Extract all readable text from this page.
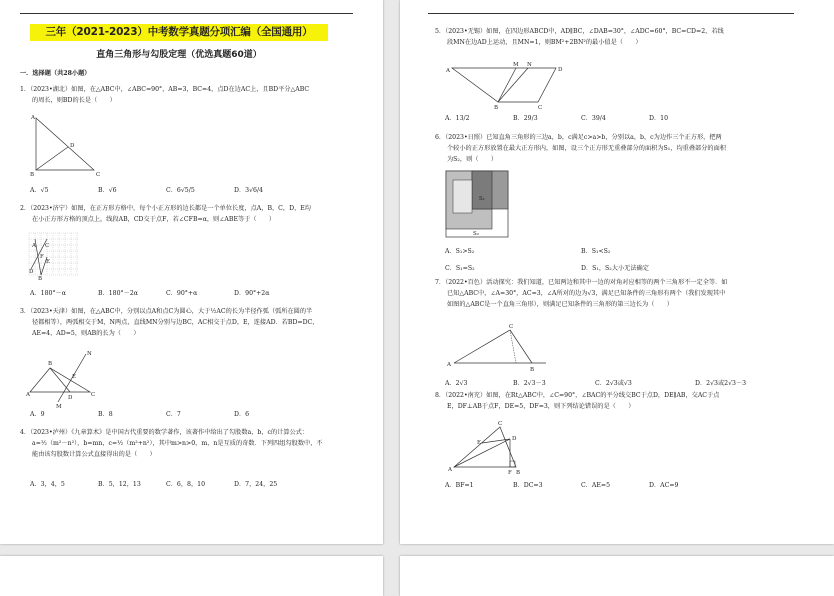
三年（2021-2023）中考数学真题分项汇编（全国通用）
直角三角形与勾股定理（优选真题60道）
一．选择题（共28小题）
1．（2023•湖北）如图，在△ABC中，∠ABC=90°，AB=3，BC=4，点D在边AC上，且BD平分△ABC
的周长，则BD的长是（　　）
A
B	C
D
A．√5	B．√6	C．6√5/5	D．3√6/4
2．（2023•济宁）如图，在正方形方格中，每个小正方形的边长都是一个单位长度，点A，B，C，D，E均
在小正方形方格的顶点上，线段AB，CD交于点F，若∠CFB=α，则∠ABE等于（　　）
A
B
C
D
E
F
A．180°－α	B．180°－2α	C．90°+α	D．90°+2α
3．（2023•天津）如图，在△ABC中，分别以点A和点C为圆心，大于½AC的长为半径作弧（弧所在圆的半
径都相等），两弧相交于M，N两点，直线MN分别与边BC，AC相交于点D，E，连接AD．若BD=DC，
AE=4，AD=5，则AB的长为（　　）
A
B
C
D
E
M
N
A．9	B．8	C．7	D．6
4．（2023•泸州）《九章算术》是中国古代重要的数学著作，该著作中给出了勾股数a，b，c的计算公式：
a=½（m²－n²），b=mn，c=½（m²+n²），其中m>n>0，m，n是互质的奇数．下列四组勾股数中，不
能由该勾股数计算公式直接得出的是（　　）
A．3，4，5	B．5，12，13	C．6，8，10	D．7，24，25
5．（2023•无锡）如图，在四边形ABCD中，AD∥BC，∠DAB=30°，∠ADC=60°，BC=CD=2，若线
段MN在边AD上运动，且MN=1，则BM²+2BN²的最小值是（　　）
A
B	C
D
M N
A．13/2	B．29/3	C．39/4	D．10
6．（2023•日照）已知直角三角形的三边a，b，c满足c>a>b，分别以a，b，c为边作三个正方形，把两
个较小的正方形放置在最大正方形内，如图，设三个正方形无重叠部分的面积为S₁，均重叠部分的面积
为S₂，则（　　）
S₁
S₂
A．S₁>S₂	B．S₁<S₂
C．S₁=S₂	D．S₁，S₂大小无法确定
7．（2022•百色）活动探究：我们知道，已知两边和其中一边的对角对应相等的两个三角形不一定全等．如
已知△ABC中，∠A=30°，AC=3，∠A所对的边为√3，满足已知条件的三角形有两个（我们发现其中
如图的△ABC是一个直角三角形），则满足已知条件的三角形的第三边长为（　　）
A
B
C
A．2√3	B．2√3－3	C．2√3或√3	D．2√3或2√3－3
8．（2022•南充）如图，在Rt△ABC中，∠C=90°，∠BAC的平分线交BC于点D，DE∥AB，交AC于点
E，DF⊥AB于点F，DE=5，DF=3，则下列结论错误的是（　　）
A	B
C
D
E
F
A．BF=1	B．DC=3	C．AE=5	D．AC=9
